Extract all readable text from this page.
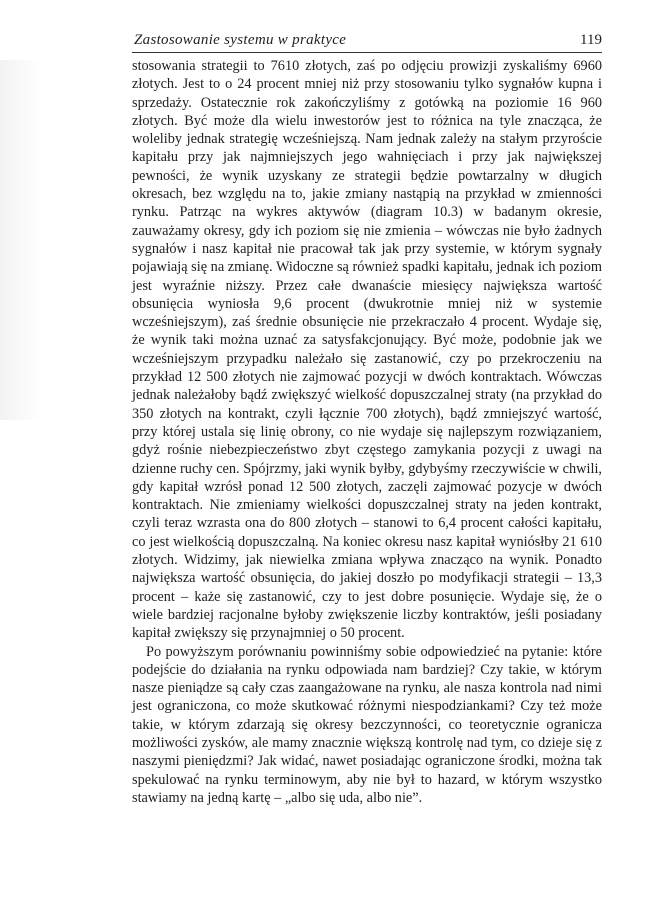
Zastosowanie systemu w praktyce	119

stosowania strategii to 7610 złotych, zaś po odjęciu prowizji zyskaliśmy 6960 złotych. Jest to o 24 procent mniej niż przy stosowaniu tylko sygnałów kupna i sprzedaży. Ostatecznie rok zakończyliśmy z gotówką na poziomie 16 960 złotych. Być może dla wielu inwestorów jest to różnica na tyle znacząca, że woleliby jednak strategię wcześniejszą. Nam jednak zależy na stałym przyroście kapitału przy jak najmniejszych jego wahnięciach i przy jak największej pewności, że wynik uzyskany ze strategii będzie powtarzalny w długich okresach, bez względu na to, jakie zmiany nastąpią na przykład w zmienności rynku. Patrząc na wykres aktywów (diagram 10.3) w badanym okresie, zauważamy okresy, gdy ich poziom się nie zmienia – wówczas nie było żadnych sygnałów i nasz kapitał nie pracował tak jak przy systemie, w którym sygnały pojawiają się na zmianę. Widoczne są również spadki kapitału, jednak ich poziom jest wyraźnie niższy. Przez całe dwanaście miesięcy największa wartość obsunięcia wyniosła 9,6 procent (dwukrotnie mniej niż w systemie wcześniejszym), zaś średnie obsunięcie nie przekraczało 4 procent. Wydaje się, że wynik taki można uznać za satysfakcjonujący. Być może, podobnie jak we wcześniejszym przypadku należało się zastanowić, czy po przekroczeniu na przykład 12 500 złotych nie zajmować pozycji w dwóch kontraktach. Wówczas jednak należałoby bądź zwiększyć wielkość dopuszczalnej straty (na przykład do 350 złotych na kontrakt, czyli łącznie 700 złotych), bądź zmniejszyć wartość, przy której ustala się linię obrony, co nie wydaje się najlepszym rozwiązaniem, gdyż rośnie niebezpieczeństwo zbyt częstego zamykania pozycji z uwagi na dzienne ruchy cen. Spójrzmy, jaki wynik byłby, gdybyśmy rzeczywiście w chwili, gdy kapitał wzrósł ponad 12 500 złotych, zaczęli zajmować pozycje w dwóch kontraktach. Nie zmieniamy wielkości dopuszczalnej straty na jeden kontrakt, czyli teraz wzrasta ona do 800 złotych – stanowi to 6,4 procent całości kapitału, co jest wielkością dopuszczalną. Na koniec okresu nasz kapitał wyniósłby 21 610 złotych. Widzimy, jak niewielka zmiana wpływa znacząco na wynik. Ponadto największa wartość obsunięcia, do jakiej doszło po modyfikacji strategii – 13,3 procent – każe się zastanowić, czy to jest dobre posunięcie. Wydaje się, że o wiele bardziej racjonalne byłoby zwiększenie liczby kontraktów, jeśli posiadany kapitał zwiększy się przynajmniej o 50 procent.

Po powyższym porównaniu powinniśmy sobie odpowiedzieć na pytanie: które podejście do działania na rynku odpowiada nam bardziej? Czy takie, w którym nasze pieniądze są cały czas zaangażowane na rynku, ale nasza kontrola nad nimi jest ograniczona, co może skutkować różnymi niespodziankami? Czy też może takie, w którym zdarzają się okresy bezczynności, co teoretycznie ogranicza możliwości zysków, ale mamy znacznie większą kontrolę nad tym, co dzieje się z naszymi pieniędzmi? Jak widać, nawet posiadając ograniczone środki, można tak spekulować na rynku terminowym, aby nie był to hazard, w którym wszystko stawiamy na jedną kartę – „albo się uda, albo nie”.
